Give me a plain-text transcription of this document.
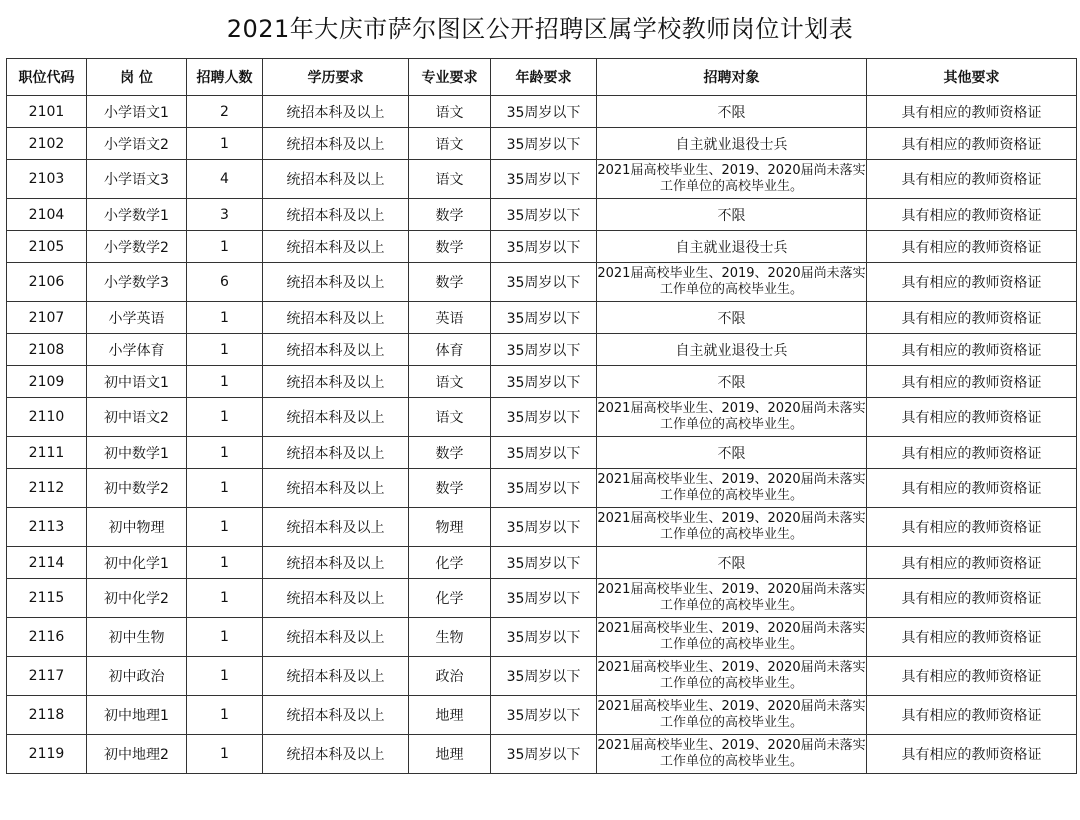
2021年大庆市萨尔图区公开招聘区属学校教师岗位计划表
职位代码	岗 位	招聘人数	学历要求	专业要求	年龄要求	招聘对象	其他要求
2101	小学语文1	2	统招本科及以上	语文	35周岁以下	不限	具有相应的教师资格证
2102	小学语文2	1	统招本科及以上	语文	35周岁以下	自主就业退役士兵	具有相应的教师资格证
2103	小学语文3	4	统招本科及以上	语文	35周岁以下	2021届高校毕业生、2019、2020届尚未落实工作单位的高校毕业生。	具有相应的教师资格证
2104	小学数学1	3	统招本科及以上	数学	35周岁以下	不限	具有相应的教师资格证
2105	小学数学2	1	统招本科及以上	数学	35周岁以下	自主就业退役士兵	具有相应的教师资格证
2106	小学数学3	6	统招本科及以上	数学	35周岁以下	2021届高校毕业生、2019、2020届尚未落实工作单位的高校毕业生。	具有相应的教师资格证
2107	小学英语	1	统招本科及以上	英语	35周岁以下	不限	具有相应的教师资格证
2108	小学体育	1	统招本科及以上	体育	35周岁以下	自主就业退役士兵	具有相应的教师资格证
2109	初中语文1	1	统招本科及以上	语文	35周岁以下	不限	具有相应的教师资格证
2110	初中语文2	1	统招本科及以上	语文	35周岁以下	2021届高校毕业生、2019、2020届尚未落实工作单位的高校毕业生。	具有相应的教师资格证
2111	初中数学1	1	统招本科及以上	数学	35周岁以下	不限	具有相应的教师资格证
2112	初中数学2	1	统招本科及以上	数学	35周岁以下	2021届高校毕业生、2019、2020届尚未落实工作单位的高校毕业生。	具有相应的教师资格证
2113	初中物理	1	统招本科及以上	物理	35周岁以下	2021届高校毕业生、2019、2020届尚未落实工作单位的高校毕业生。	具有相应的教师资格证
2114	初中化学1	1	统招本科及以上	化学	35周岁以下	不限	具有相应的教师资格证
2115	初中化学2	1	统招本科及以上	化学	35周岁以下	2021届高校毕业生、2019、2020届尚未落实工作单位的高校毕业生。	具有相应的教师资格证
2116	初中生物	1	统招本科及以上	生物	35周岁以下	2021届高校毕业生、2019、2020届尚未落实工作单位的高校毕业生。	具有相应的教师资格证
2117	初中政治	1	统招本科及以上	政治	35周岁以下	2021届高校毕业生、2019、2020届尚未落实工作单位的高校毕业生。	具有相应的教师资格证
2118	初中地理1	1	统招本科及以上	地理	35周岁以下	2021届高校毕业生、2019、2020届尚未落实工作单位的高校毕业生。	具有相应的教师资格证
2119	初中地理2	1	统招本科及以上	地理	35周岁以下	2021届高校毕业生、2019、2020届尚未落实工作单位的高校毕业生。	具有相应的教师资格证
